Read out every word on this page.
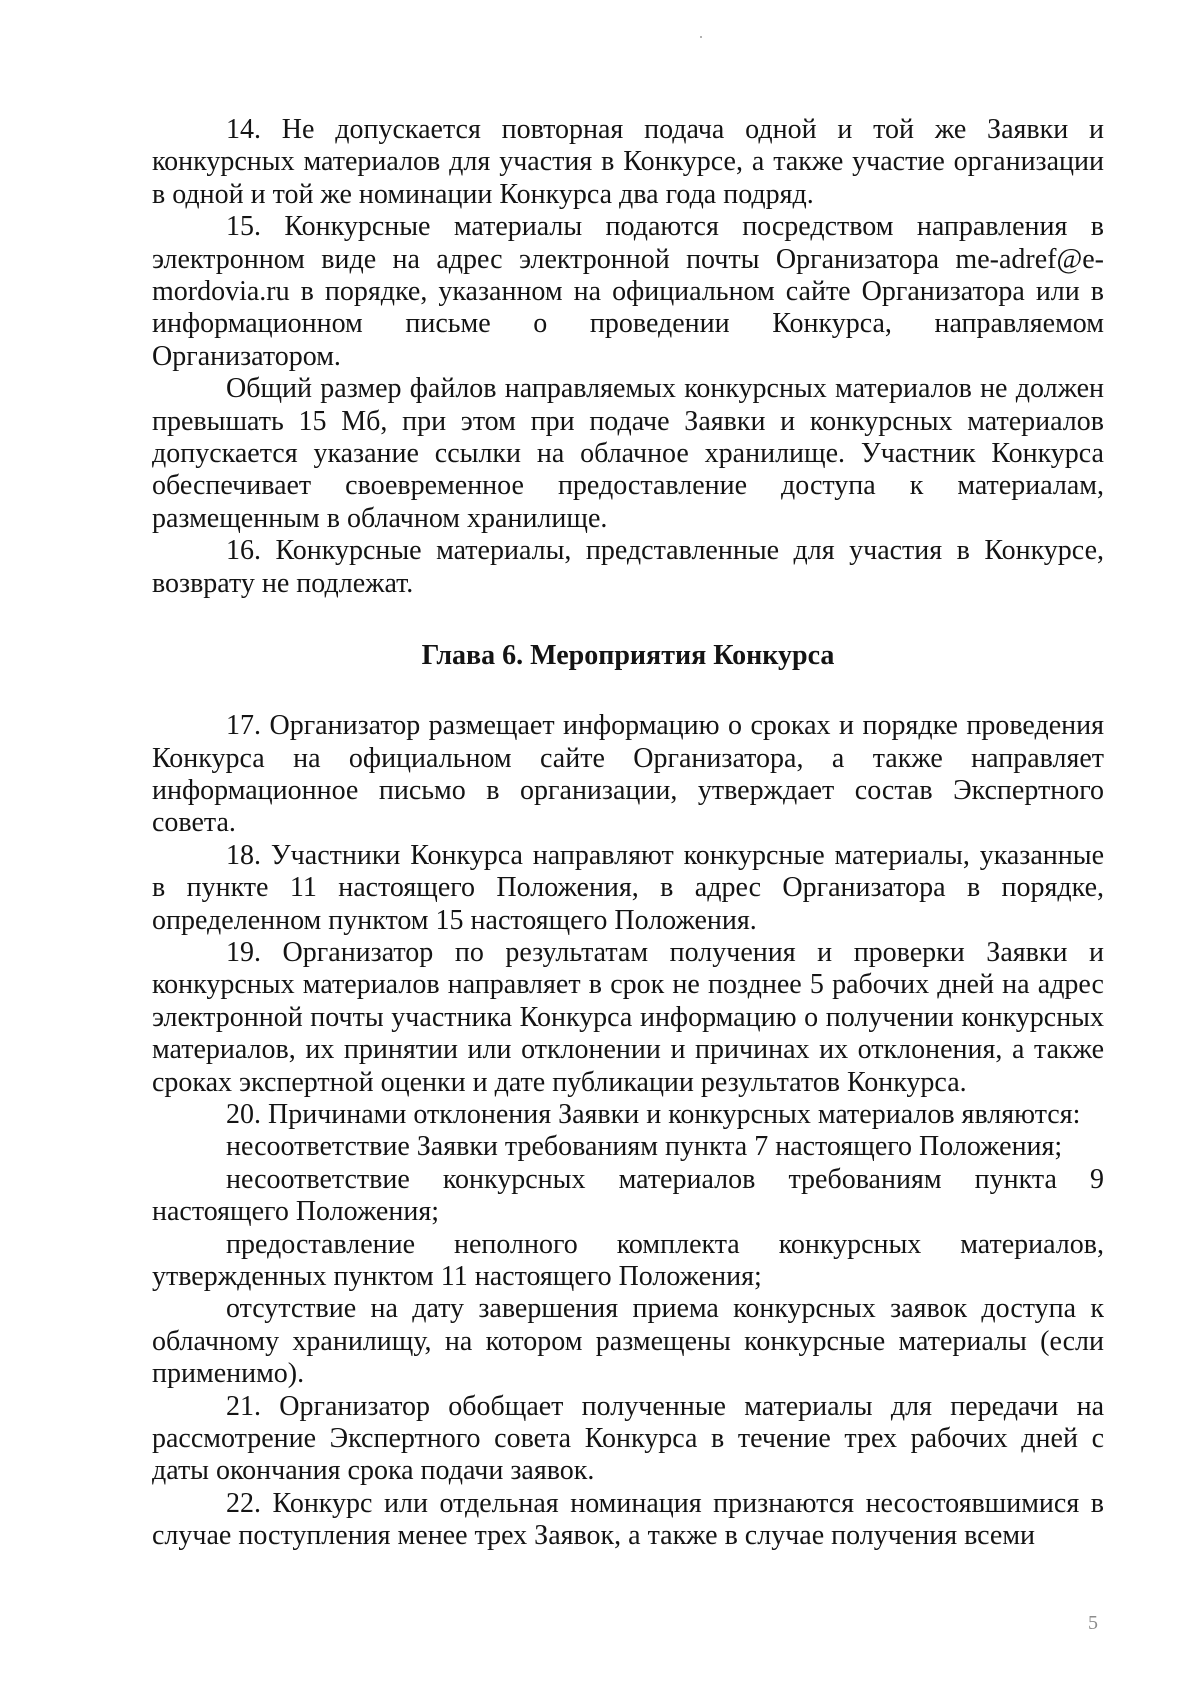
14. Не допускается повторная подача одной и той же Заявки и конкурсных материалов для участия в Конкурсе, а также участие организации в одной и той же номинации Конкурса два года подряд.

15. Конкурсные материалы подаются посредством направления в электронном виде на адрес электронной почты Организатора me-adref@e-mordovia.ru в порядке, указанном на официальном сайте Организатора или в информационном письме о проведении Конкурса, направляемом Организатором.

Общий размер файлов направляемых конкурсных материалов не должен превышать 15 Мб, при этом при подаче Заявки и конкурсных материалов допускается указание ссылки на облачное хранилище. Участник Конкурса обеспечивает своевременное предоставление доступа к материалам, размещенным в облачном хранилище.

16. Конкурсные материалы, представленные для участия в Конкурсе, возврату не подлежат.

Глава 6. Мероприятия Конкурса

17. Организатор размещает информацию о сроках и порядке проведения Конкурса на официальном сайте Организатора, а также направляет информационное письмо в организации, утверждает состав Экспертного совета.

18. Участники Конкурса направляют конкурсные материалы, указанные в пункте 11 настоящего Положения, в адрес Организатора в порядке, определенном пунктом 15 настоящего Положения.

19. Организатор по результатам получения и проверки Заявки и конкурсных материалов направляет в срок не позднее 5 рабочих дней на адрес электронной почты участника Конкурса информацию о получении конкурсных материалов, их принятии или отклонении и причинах их отклонения, а также сроках экспертной оценки и дате публикации результатов Конкурса.

20. Причинами отклонения Заявки и конкурсных материалов являются:

несоответствие Заявки требованиям пункта 7 настоящего Положения;

несоответствие конкурсных материалов требованиям пункта 9 настоящего Положения;

предоставление неполного комплекта конкурсных материалов, утвержденных пунктом 11 настоящего Положения;

отсутствие на дату завершения приема конкурсных заявок доступа к облачному хранилищу, на котором размещены конкурсные материалы (если применимо).

21. Организатор обобщает полученные материалы для передачи на рассмотрение Экспертного совета Конкурса в течение трех рабочих дней с даты окончания срока подачи заявок.

22. Конкурс или отдельная номинация признаются несостоявшимися в случае поступления менее трех Заявок, а также в случае получения всеми

5
